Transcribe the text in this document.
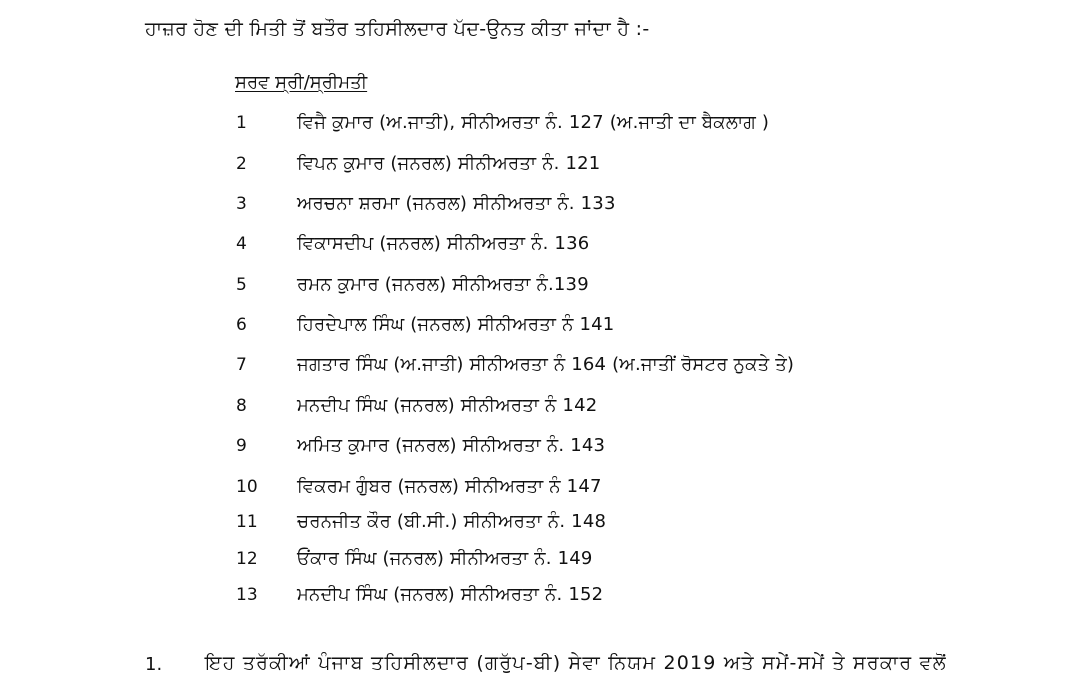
ਹਾਜ਼ਰ ਹੋਣ ਦੀ ਮਿਤੀ ਤੋਂ ਬਤੌਰ ਤਹਿਸੀਲਦਾਰ ਪੱਦ-ਉਨਤ ਕੀਤਾ ਜਾਂਦਾ ਹੈ :-
ਸਰਵ ਸ੍ਰੀ/ਸ੍ਰੀਮਤੀ
1	ਵਿਜੈ ਕੁਮਾਰ (ਅ.ਜਾਤੀ), ਸੀਨੀਅਰਤਾ ਨੰ. 127 (ਅ.ਜਾਤੀ ਦਾ ਬੈਕਲਾਗ )
2	ਵਿਪਨ ਕੁਮਾਰ (ਜਨਰਲ) ਸੀਨੀਅਰਤਾ ਨੰ. 121
3	ਅਰਚਨਾ ਸ਼ਰਮਾ (ਜਨਰਲ) ਸੀਨੀਅਰਤਾ ਨੰ. 133
4	ਵਿਕਾਸਦੀਪ (ਜਨਰਲ) ਸੀਨੀਅਰਤਾ ਨੰ. 136
5	ਰਮਨ ਕੁਮਾਰ (ਜਨਰਲ) ਸੀਨੀਅਰਤਾ ਨੰ.139
6	ਹਿਰਦੇਪਾਲ ਸਿੰਘ (ਜਨਰਲ) ਸੀਨੀਅਰਤਾ ਨੰ 141
7	ਜਗਤਾਰ ਸਿੰਘ (ਅ.ਜਾਤੀ) ਸੀਨੀਅਰਤਾ ਨੰ 164 (ਅ.ਜਾਤੀਂ ਰੋਸਟਰ ਨੁਕਤੇ ਤੇ)
8	ਮਨਦੀਪ ਸਿੰਘ (ਜਨਰਲ) ਸੀਨੀਅਰਤਾ ਨੰ 142
9	ਅਮਿਤ ਕੁਮਾਰ (ਜਨਰਲ) ਸੀਨੀਅਰਤਾ ਨੰ. 143
10 ਵਿਕਰਮ ਗੁੰਬਰ (ਜਨਰਲ) ਸੀਨੀਅਰਤਾ ਨੰ 147
11 ਚਰਨਜੀਤ ਕੌਰ (ਬੀ.ਸੀ.) ਸੀਨੀਅਰਤਾ ਨੰ. 148
12 ਓਂਕਾਰ ਸਿੰਘ (ਜਨਰਲ) ਸੀਨੀਅਰਤਾ ਨੰ. 149
13 ਮਨਦੀਪ ਸਿੰਘ (ਜਨਰਲ) ਸੀਨੀਅਰਤਾ ਨੰ. 152
1. ਇਹ ਤਰੱਕੀਆਂ ਪੰਜਾਬ ਤਹਿਸੀਲਦਾਰ (ਗਰੁੱਪ-ਬੀ) ਸੇਵਾ ਨਿਯਮ 2019 ਅਤੇ ਸਮੇਂ-ਸਮੇਂ ਤੇ ਸਰਕਾਰ ਵਲੋਂ
